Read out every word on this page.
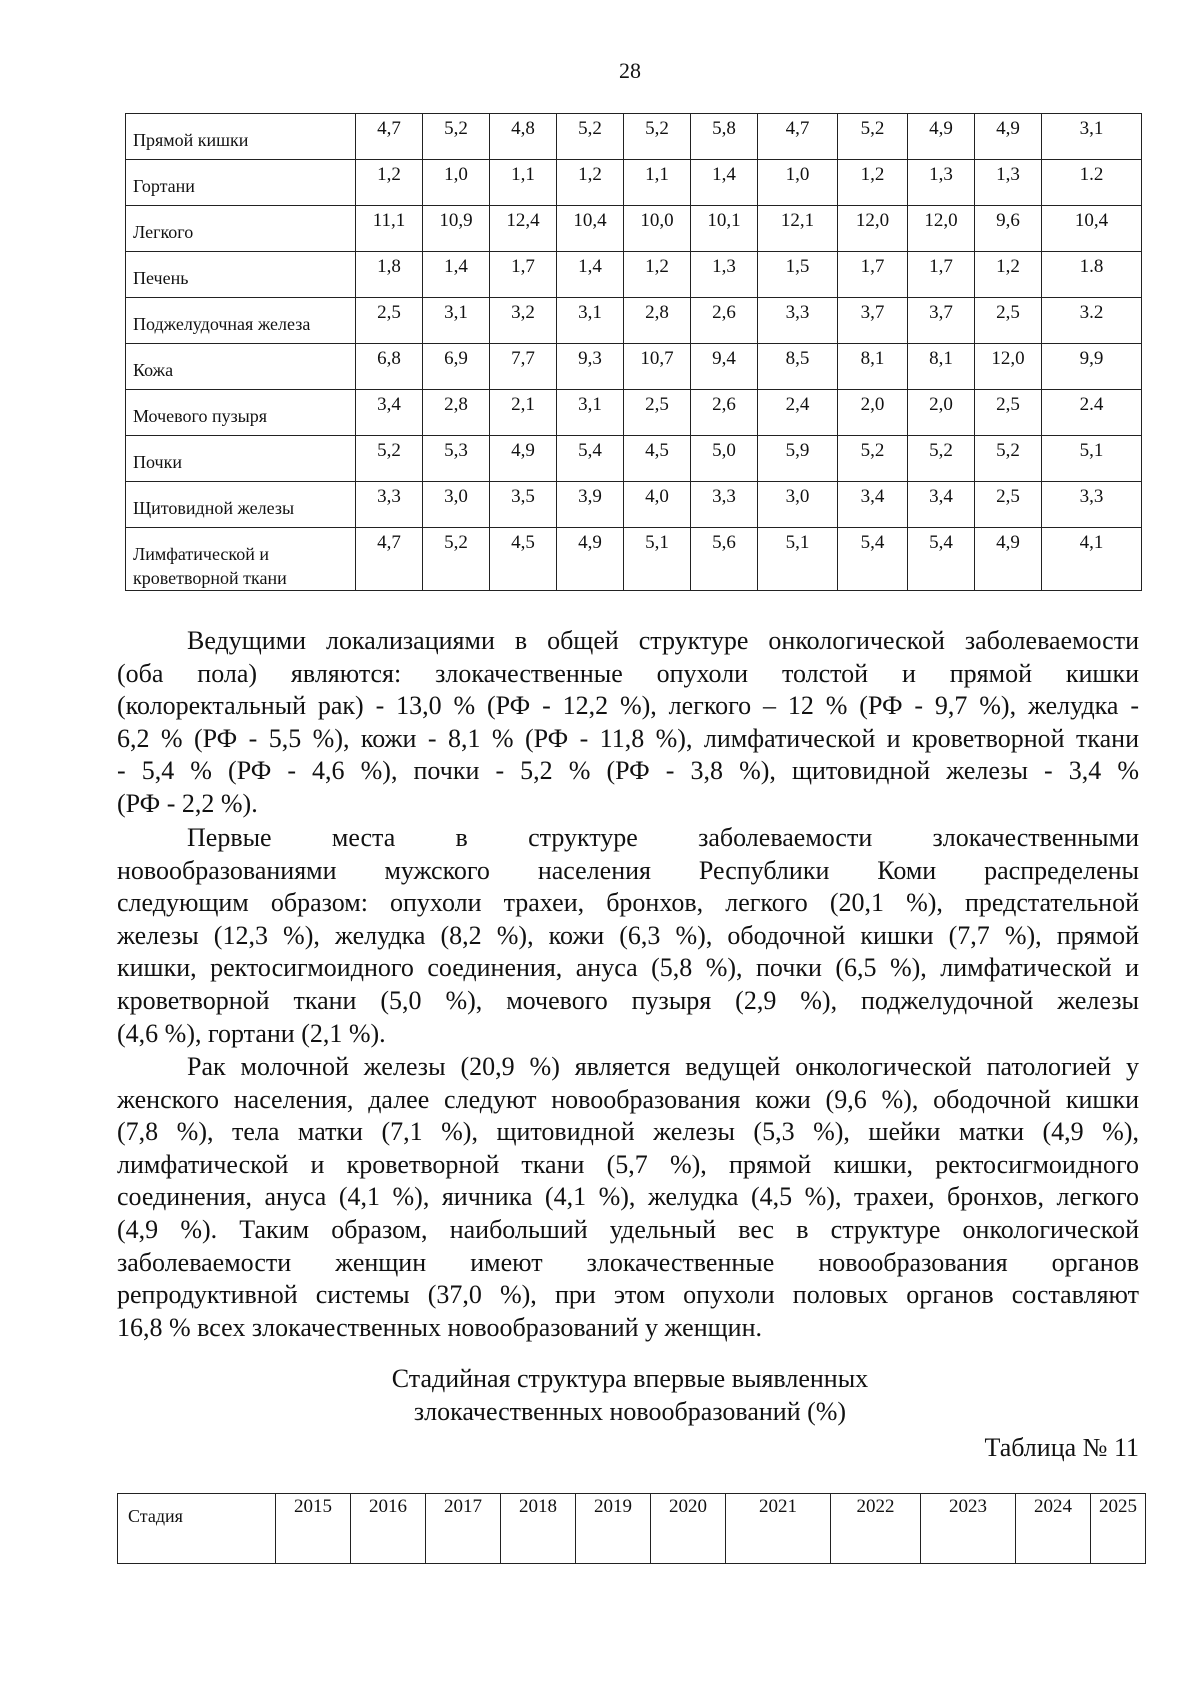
28
Прямой кишки	4,7	5,2	4,8	5,2	5,2	5,8	4,7	5,2	4,9	4,9	3,1
Гортани	1,2	1,0	1,1	1,2	1,1	1,4	1,0	1,2	1,3	1,3	1.2
Легкого	11,1	10,9	12,4	10,4	10,0	10,1	12,1	12,0	12,0	9,6	10,4
Печень	1,8	1,4	1,7	1,4	1,2	1,3	1,5	1,7	1,7	1,2	1.8
Поджелудочная железа	2,5	3,1	3,2	3,1	2,8	2,6	3,3	3,7	3,7	2,5	3.2
Кожа	6,8	6,9	7,7	9,3	10,7	9,4	8,5	8,1	8,1	12,0	9,9
Мочевого пузыря	3,4	2,8	2,1	3,1	2,5	2,6	2,4	2,0	2,0	2,5	2.4
Почки	5,2	5,3	4,9	5,4	4,5	5,0	5,9	5,2	5,2	5,2	5,1
Щитовидной железы	3,3	3,0	3,5	3,9	4,0	3,3	3,0	3,4	3,4	2,5	3,3
Лимфатической и кроветворной ткани	4,7	5,2	4,5	4,9	5,1	5,6	5,1	5,4	5,4	4,9	4,1

Ведущими локализациями в общей структуре онкологической заболеваемости
(оба пола) являются: злокачественные опухоли толстой и прямой кишки
(колоректальный рак) - 13,0 % (РФ - 12,2 %), легкого – 12 % (РФ - 9,7 %), желудка -
6,2 % (РФ - 5,5 %), кожи - 8,1 % (РФ - 11,8 %), лимфатической и кроветворной ткани
- 5,4 % (РФ - 4,6 %), почки - 5,2 % (РФ - 3,8 %), щитовидной железы - 3,4 %
(РФ - 2,2 %).

Первые места в структуре заболеваемости злокачественными
новообразованиями мужского населения Республики Коми распределены
следующим образом: опухоли трахеи, бронхов, легкого (20,1 %), предстательной
железы (12,3 %), желудка (8,2 %), кожи (6,3 %), ободочной кишки (7,7 %), прямой
кишки, ректосигмоидного соединения, ануса (5,8 %), почки (6,5 %), лимфатической и
кроветворной ткани (5,0 %), мочевого пузыря (2,9 %), поджелудочной железы
(4,6 %), гортани (2,1 %).

Рак молочной железы (20,9 %) является ведущей онкологической патологией у
женского населения, далее следуют новообразования кожи (9,6 %), ободочной кишки
(7,8 %), тела матки (7,1 %), щитовидной железы (5,3 %), шейки матки (4,9 %),
лимфатической и кроветворной ткани (5,7 %), прямой кишки, ректосигмоидного
соединения, ануса (4,1 %), яичника (4,1 %), желудка (4,5 %), трахеи, бронхов, легкого
(4,9 %). Таким образом, наибольший удельный вес в структуре онкологической
заболеваемости женщин имеют злокачественные новообразования органов
репродуктивной системы (37,0 %), при этом опухоли половых органов составляют
16,8 % всех злокачественных новообразований у женщин.

Стадийная структура впервые выявленных
злокачественных новообразований (%)
Таблица № 11
Стадия	2015	2016	2017	2018	2019	2020	2021	2022	2023	2024	2025
